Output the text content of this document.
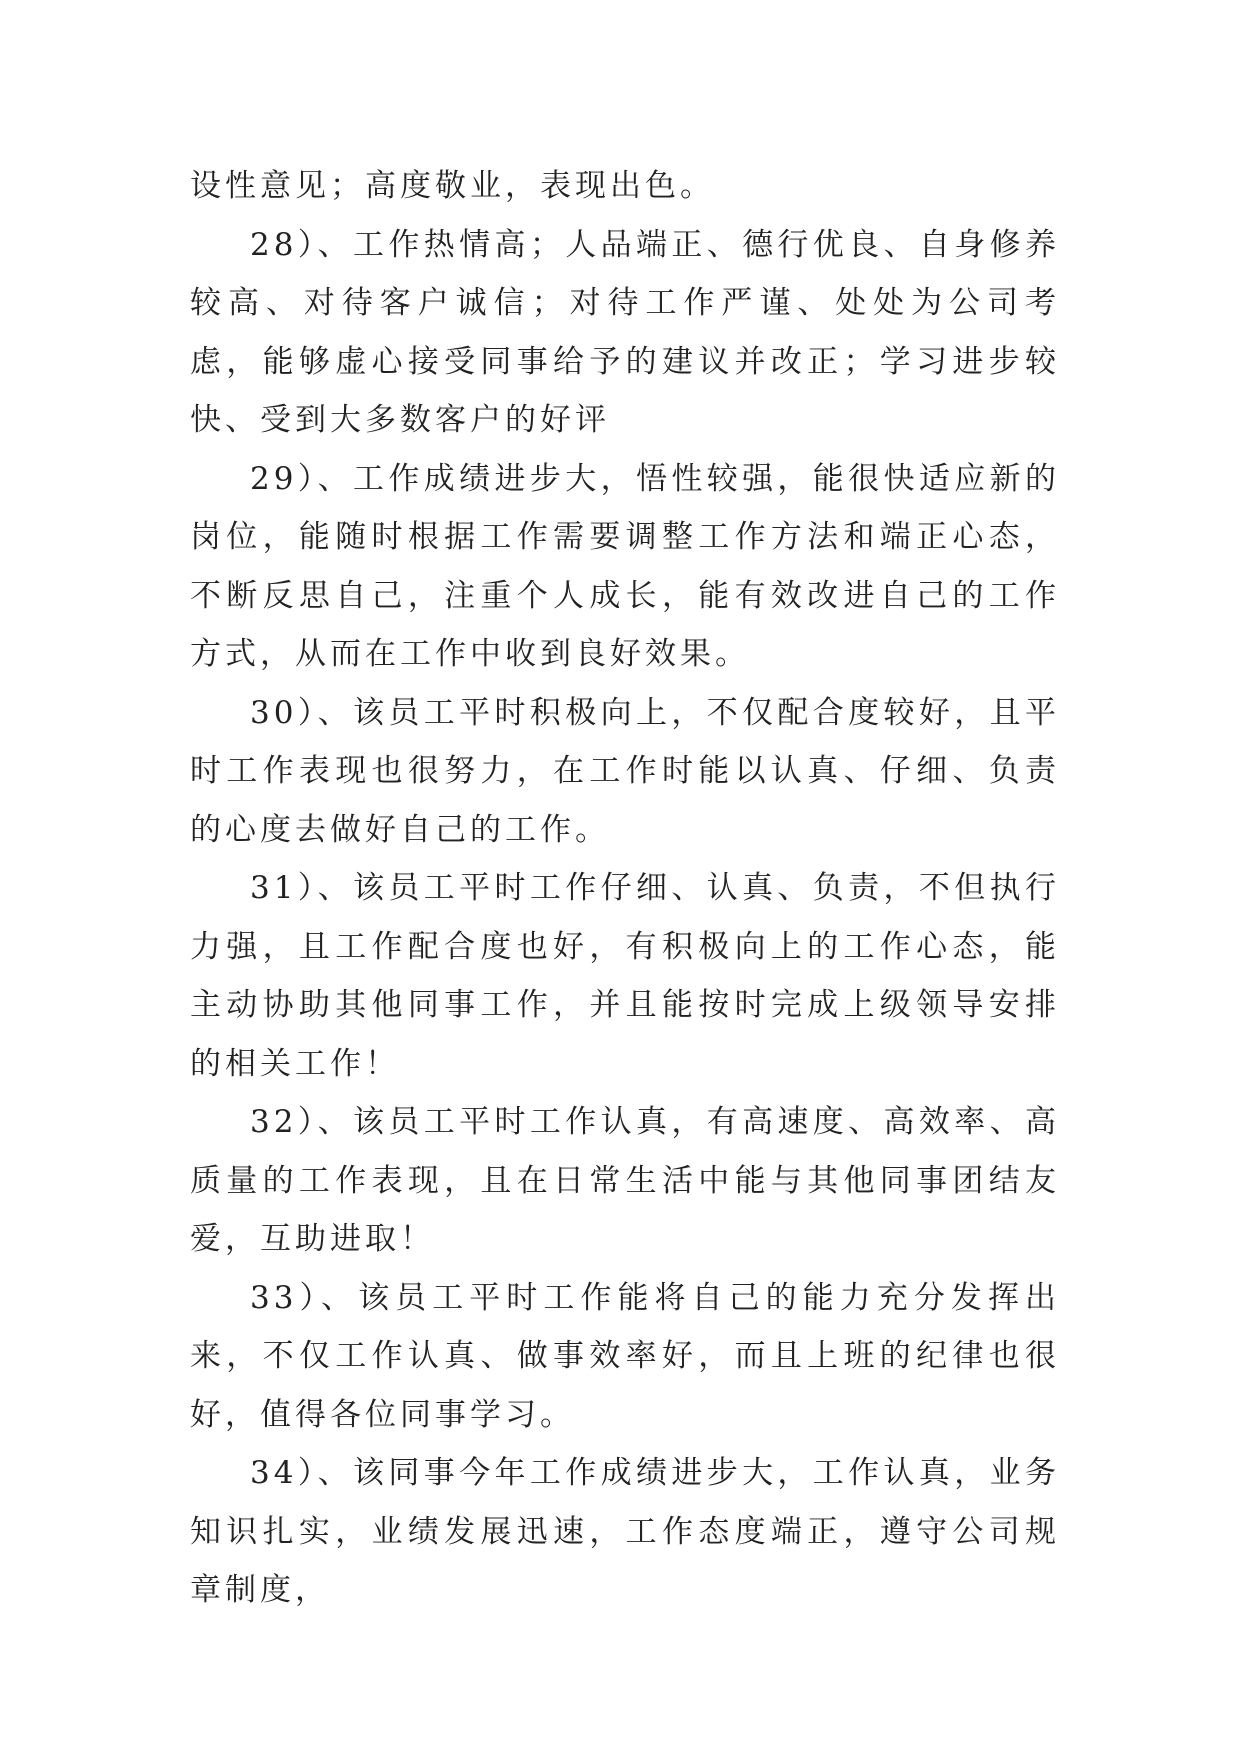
设性意见；高度敬业，表现出色。

28）、工作热情高；人品端正、德行优良、自身修养较高、对待客户诚信；对待工作严谨、处处为公司考虑，能够虚心接受同事给予的建议并改正；学习进步较快、受到大多数客户的好评

29）、工作成绩进步大，悟性较强，能很快适应新的岗位，能随时根据工作需要调整工作方法和端正心态，不断反思自己，注重个人成长，能有效改进自己的工作方式，从而在工作中收到良好效果。

30）、该员工平时积极向上，不仅配合度较好，且平时工作表现也很努力，在工作时能以认真、仔细、负责的心度去做好自己的工作。

31）、该员工平时工作仔细、认真、负责，不但执行力强，且工作配合度也好，有积极向上的工作心态，能主动协助其他同事工作，并且能按时完成上级领导安排的相关工作！

32）、该员工平时工作认真，有高速度、高效率、高质量的工作表现，且在日常生活中能与其他同事团结友爱，互助进取！

33）、该员工平时工作能将自己的能力充分发挥出来，不仅工作认真、做事效率好，而且上班的纪律也很好，值得各位同事学习。

34）、该同事今年工作成绩进步大，工作认真，业务知识扎实，业绩发展迅速，工作态度端正，遵守公司规章制度，
